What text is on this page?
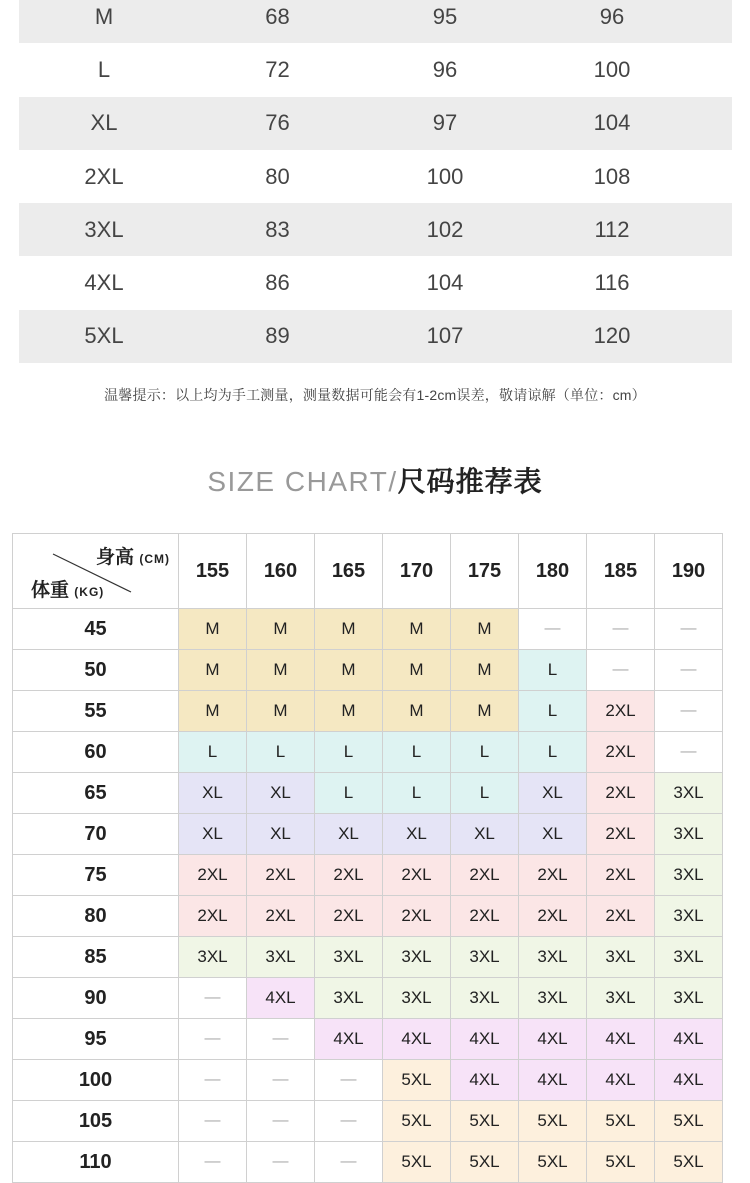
M	68	95	96
L	72	96	100
XL	76	97	104
2XL	80	100	108
3XL	83	102	112
4XL	86	104	116
5XL	89	107	120
温馨提示：以上均为手工测量，测量数据可能会有1-2cm误差，敬请谅解（单位：cm）
SIZE CHART/尺码推荐表
身高 (CM)
体重 (KG)	155	160	165	170	175	180	185	190
45	M	M	M	M	M	—	—	—
50	M	M	M	M	M	L	—	—
55	M	M	M	M	M	L	2XL	—
60	L	L	L	L	L	L	2XL	—
65	XL	XL	L	L	L	XL	2XL	3XL
70	XL	XL	XL	XL	XL	XL	2XL	3XL
75	2XL	2XL	2XL	2XL	2XL	2XL	2XL	3XL
80	2XL	2XL	2XL	2XL	2XL	2XL	2XL	3XL
85	3XL	3XL	3XL	3XL	3XL	3XL	3XL	3XL
90	—	4XL	3XL	3XL	3XL	3XL	3XL	3XL
95	—	—	4XL	4XL	4XL	4XL	4XL	4XL
100	—	—	—	5XL	4XL	4XL	4XL	4XL
105	—	—	—	5XL	5XL	5XL	5XL	5XL
110	—	—	—	5XL	5XL	5XL	5XL	5XL
